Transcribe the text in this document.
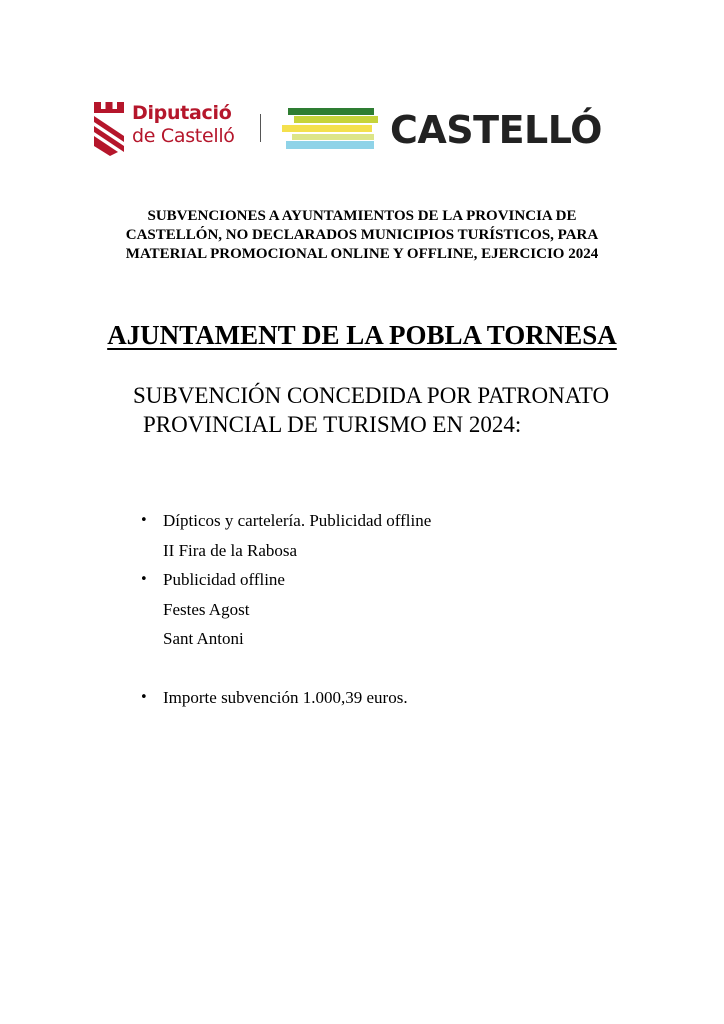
Diputació
de Castelló	CASTELLÓ
SUBVENCIONES A AYUNTAMIENTOS DE LA PROVINCIA DE
CASTELLÓN, NO DECLARADOS MUNICIPIOS TURÍSTICOS, PARA
MATERIAL PROMOCIONAL ONLINE Y OFFLINE, EJERCICIO 2024
AJUNTAMENT DE LA POBLA TORNESA
SUBVENCIÓN CONCEDIDA POR PATRONATO
PROVINCIAL DE TURISMO EN 2024:
• Dípticos y cartelería. Publicidad offline
II Fira de la Rabosa
• Publicidad offline
Festes Agost
Sant Antoni
• Importe subvención 1.000,39 euros.
